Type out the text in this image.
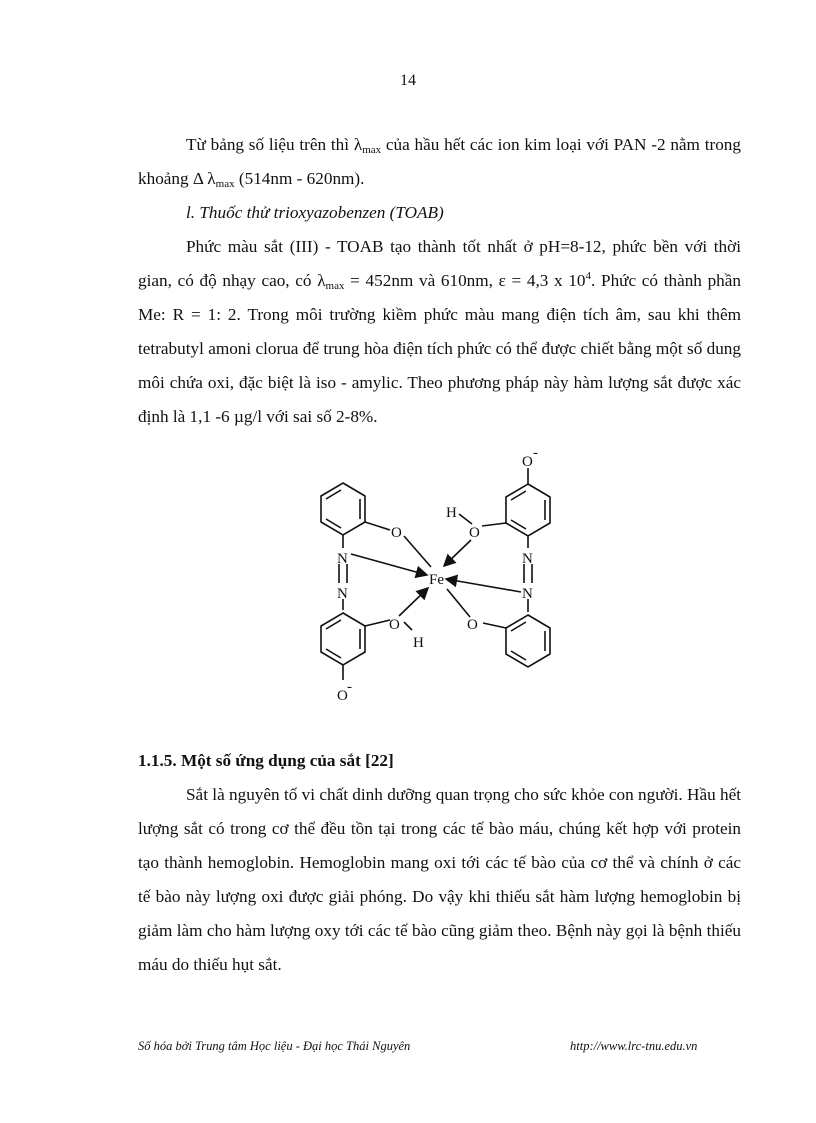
14

Từ bảng số liệu trên thì $\lambda_{max}$ của hầu hết các ion kim loại với PAN -2 nằm trong khoảng Δ $\lambda_{max}$ (514nm - 620nm).

l. Thuốc thử trioxyazobenzen (TOAB)

Phức màu sắt (III) - TOAB tạo thành tốt nhất ở pH=8-12, phức bền với thời gian, có độ nhạy cao, có $\lambda_{max} = 452nm$ và 610nm, ε = 4,3 x $10^4$. Phức có thành phần Me: R = 1: 2. Trong môi trường kiềm phức màu mang điện tích âm, sau khi thêm tetrabutyl amoni clorua để trung hòa điện tích phức có thể được chiết bằng một số dung môi chứa oxi, đặc biệt là iso - amylic. Theo phương pháp này hàm lượng sắt được xác định là 1,1 -6 µg/l với sai số 2-8%.

Fe
O	O
O	O
O
-
O
-
N
N
N
N
H
H

1.1.5. Một số ứng dụng của sắt [22]

Sắt là nguyên tố vi chất dinh dưỡng quan trọng cho sức khỏe con người. Hầu hết lượng sắt có trong cơ thể đều tồn tại trong các tế bào máu, chúng kết hợp với protein tạo thành hemoglobin. Hemoglobin mang oxi tới các tế bào của cơ thể và chính ở các tế bào này lượng oxi được giải phóng. Do vậy khi thiếu sắt hàm lượng hemoglobin bị giảm làm cho hàm lượng oxy tới các tế bào cũng giảm theo. Bệnh này gọi là bệnh thiếu máu do thiếu hụt sắt.

Số hóa bởi Trung tâm Học liệu - Đại học Thái Nguyên	http://www.lrc-tnu.edu.vn
